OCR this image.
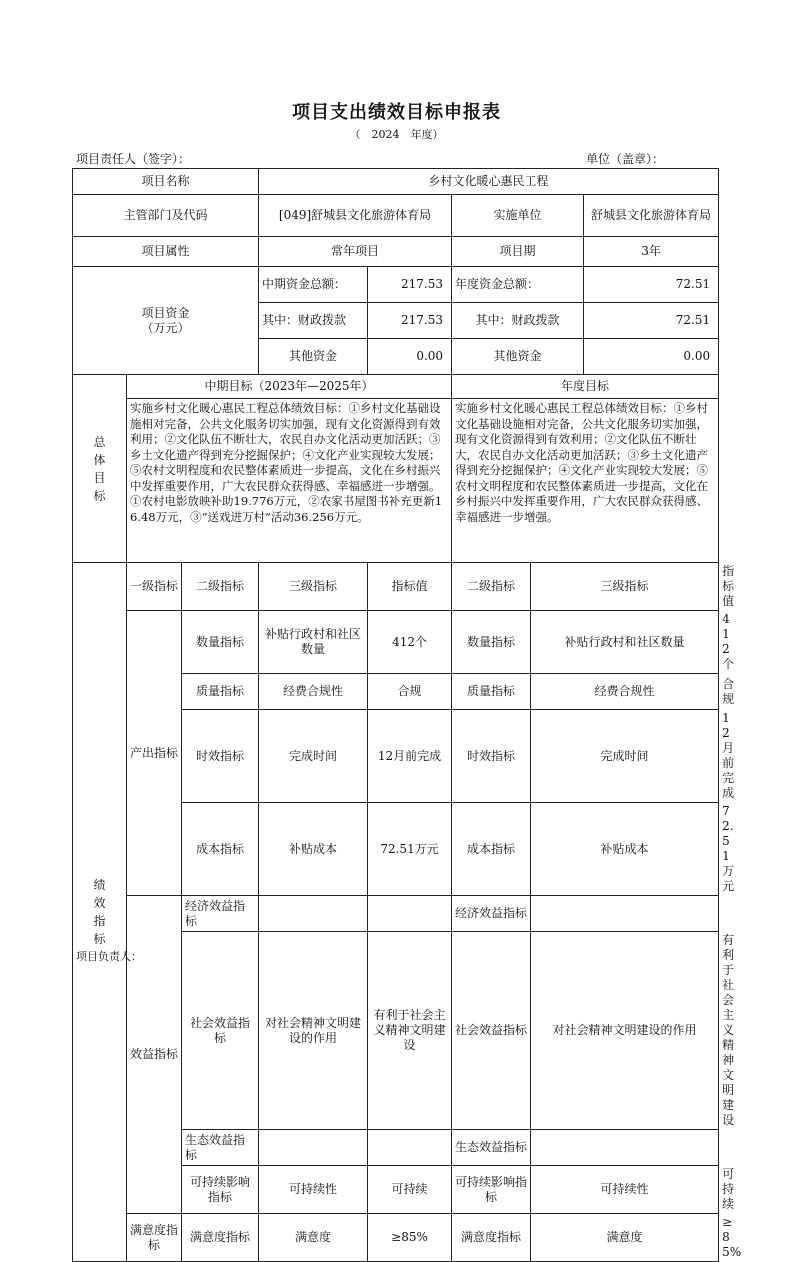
项目支出绩效目标申报表
（　2024　年度）
项目责任人（签字）：	单位（盖章）：
项目名称			乡村文化暖心惠民工程					
主管部门及代码			[049]舒城县文化旅游体育局		实施单位		舒城县文化旅游体育局	
项目属性			常年项目		项目期		3年	
项目资金
（万元）			中期资金总额：	217.53	年度资金总额：		72.51	
			其中：财政拨款	217.53	其中：财政拨款		72.51	
			其他资金	0.00	其他资金		0.00	
总
体
目
标	中期目标（2023年—2025年）				年度目标			
	实施乡村文化暖心惠民工程总体绩效目标：①乡村文化基础设施相对完备，公共文化服务切实加强，现有文化资源得到有效利用；②文化队伍不断壮大，农民自办文化活动更加活跃；③乡土文化遗产得到充分挖掘保护；④文化产业实现较大发展；⑤农村文明程度和农民整体素质进一步提高，文化在乡村振兴中发挥重要作用，广大农民群众获得感、幸福感进一步增强。①农村电影放映补助19.776万元，②农家书屋图书补充更新16.48万元，③“送戏进万村”活动36.256万元。				实施乡村文化暖心惠民工程总体绩效目标：①乡村文化基础设施相对完备，公共文化服务切实加强，现有文化资源得到有效利用；②文化队伍不断壮大，农民自办文化活动更加活跃；③乡土文化遗产得到充分挖掘保护；④文化产业实现较大发展；⑤农村文明程度和农民整体素质进一步提高，文化在乡村振兴中发挥重要作用，广大农民群众获得感、幸福感进一步增强。			
绩
效
指
标	一级指标	二级指标	三级指标	指标值	二级指标	三级指标		指标值
	产出指标	数量指标	补贴行政村和社区数量	412个	数量指标	补贴行政村和社区数量		412个
		质量指标	经费合规性	合规	质量指标	经费合规性		合规
		时效指标	完成时间	12月前完成	时效指标	完成时间		12月前完成
		成本指标	补贴成本	72.51万元	成本指标	补贴成本		72.51万元
	效益指标	经济效益指标			经济效益指标			
		社会效益指标	对社会精神文明建设的作用	有利于社会主义精神文明建设	社会效益指标	对社会精神文明建设的作用		有利于社会主义精神文明建设
		生态效益指标			生态效益指标			
		可持续影响指标	可持续性	可持续	可持续影响指标	可持续性		可持续
	满意度指标	满意度指标	满意度	≥85%	满意度指标	满意度		≥85%
项目负责人：
